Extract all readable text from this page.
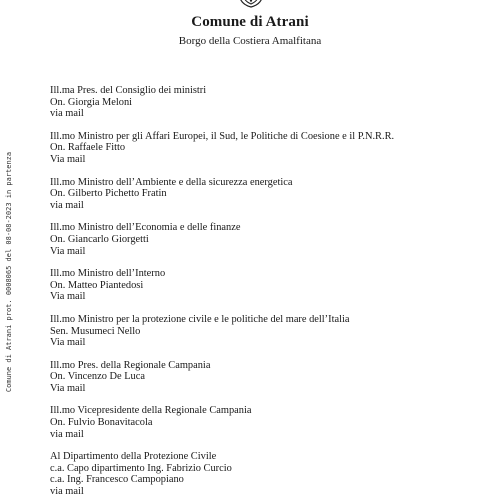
Comune di Atrani
Borgo della Costiera Amalfitana
Comune di Atrani prot. 0008065 del 08-08-2023 in partenza
Ill.ma Pres. del Consiglio dei ministri
On. Giorgia Meloni
via mail
Ill.mo Ministro per gli Affari Europei, il Sud, le Politiche di Coesione e il P.N.R.R.
On. Raffaele Fitto
Via mail
Ill.mo Ministro dell’Ambiente e della sicurezza energetica
On. Gilberto Pichetto Fratin
via mail
Ill.mo Ministro dell’Economia e delle finanze
On. Giancarlo Giorgetti
Via mail
Ill.mo Ministro dell’Interno
On. Matteo Piantedosi
Via mail
Ill.mo Ministro per la protezione civile e le politiche del mare dell’Italia
Sen. Musumeci Nello
Via mail
Ill.mo Pres. della Regionale Campania
On. Vincenzo De Luca
Via mail
Ill.mo Vicepresidente della Regionale Campania
On. Fulvio Bonavitacola
via mail
Al Dipartimento della Protezione Civile
c.a. Capo dipartimento Ing. Fabrizio Curcio
c.a. Ing. Francesco Campopiano
via mail
